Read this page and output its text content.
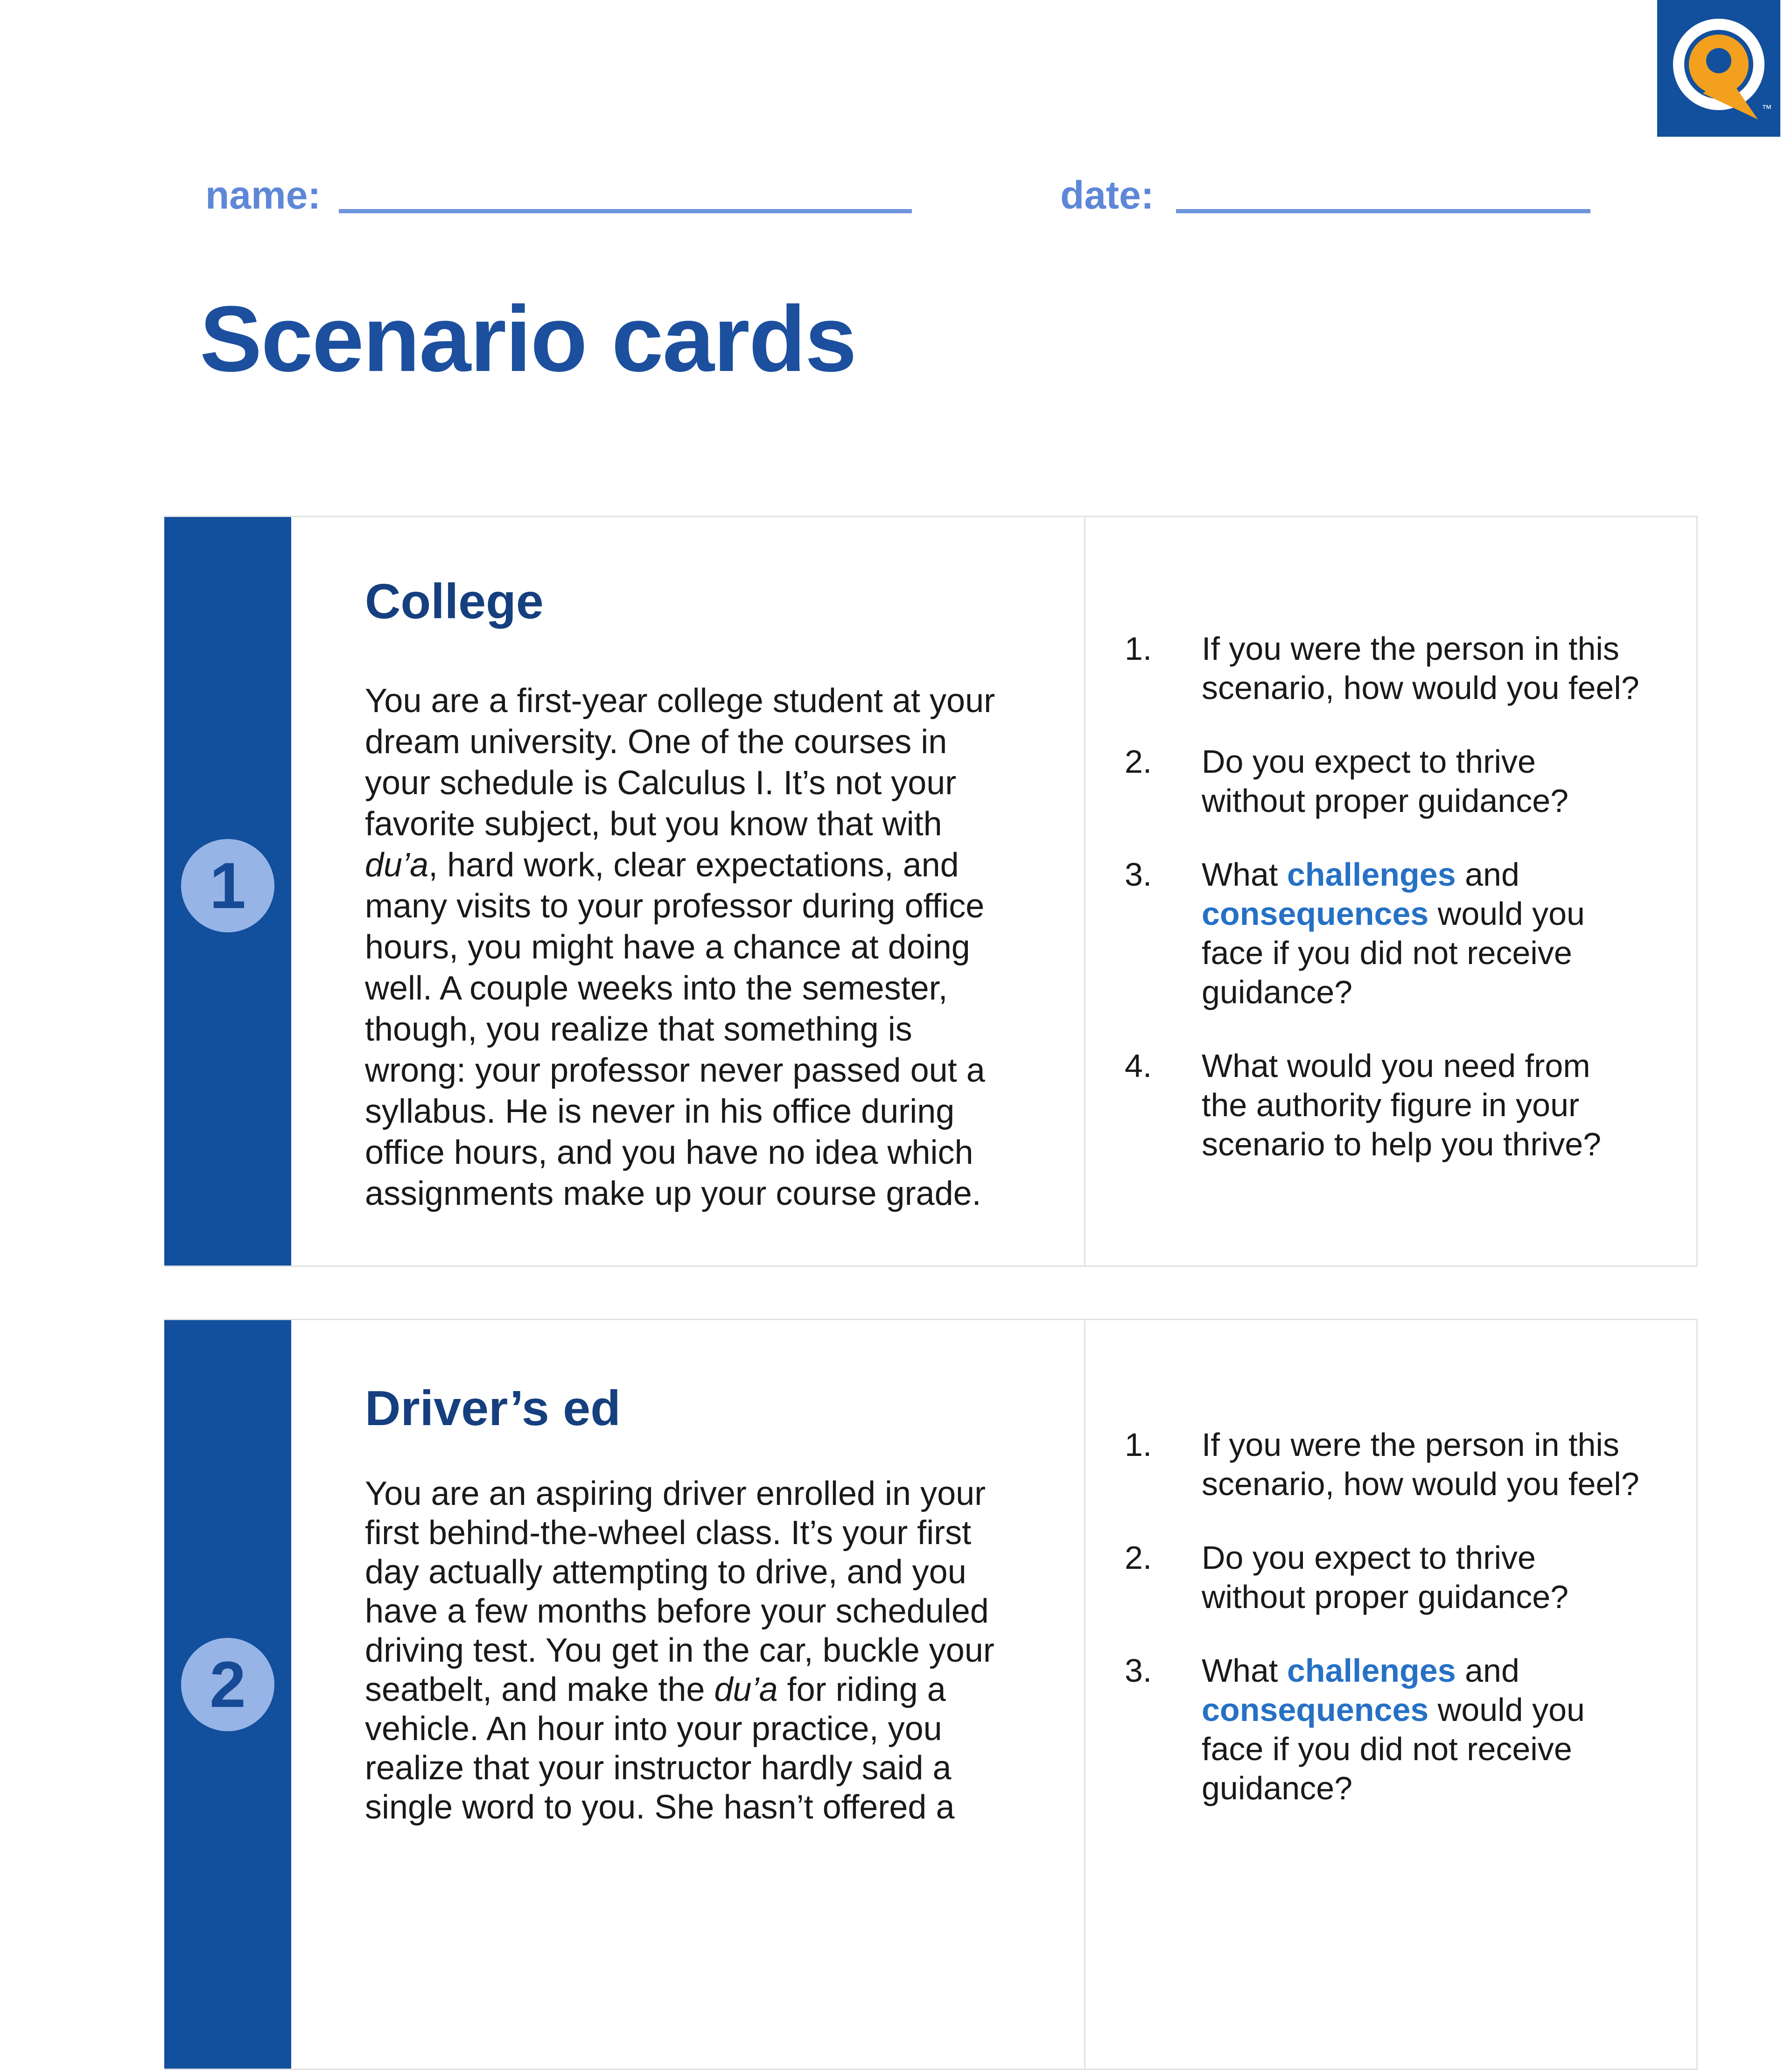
™
name:	date:
Scenario cards
1
College
You are a first-year college student at your
dream university. One of the courses in
your schedule is Calculus I. It’s not your
favorite subject, but you know that with
du’a, hard work, clear expectations, and
many visits to your professor during office
hours, you might have a chance at doing
well. A couple weeks into the semester,
though, you realize that something is
wrong: your professor never passed out a
syllabus. He is never in his office during
office hours, and you have no idea which
assignments make up your course grade.
1.	If you were the person in this
scenario, how would you feel?
2.	Do you expect to thrive
without proper guidance?
3.	What challenges and
consequences would you
face if you did not receive
guidance?
4.	What would you need from
the authority figure in your
scenario to help you thrive?
2
Driver’s ed
You are an aspiring driver enrolled in your
first behind-the-wheel class. It’s your first
day actually attempting to drive, and you
have a few months before your scheduled
driving test. You get in the car, buckle your
seatbelt, and make the du’a for riding a
vehicle. An hour into your practice, you
realize that your instructor hardly said a
single word to you. She hasn’t offered a
1.	If you were the person in this
scenario, how would you feel?
2.	Do you expect to thrive
without proper guidance?
3.	What challenges and
consequences would you
face if you did not receive
guidance?
